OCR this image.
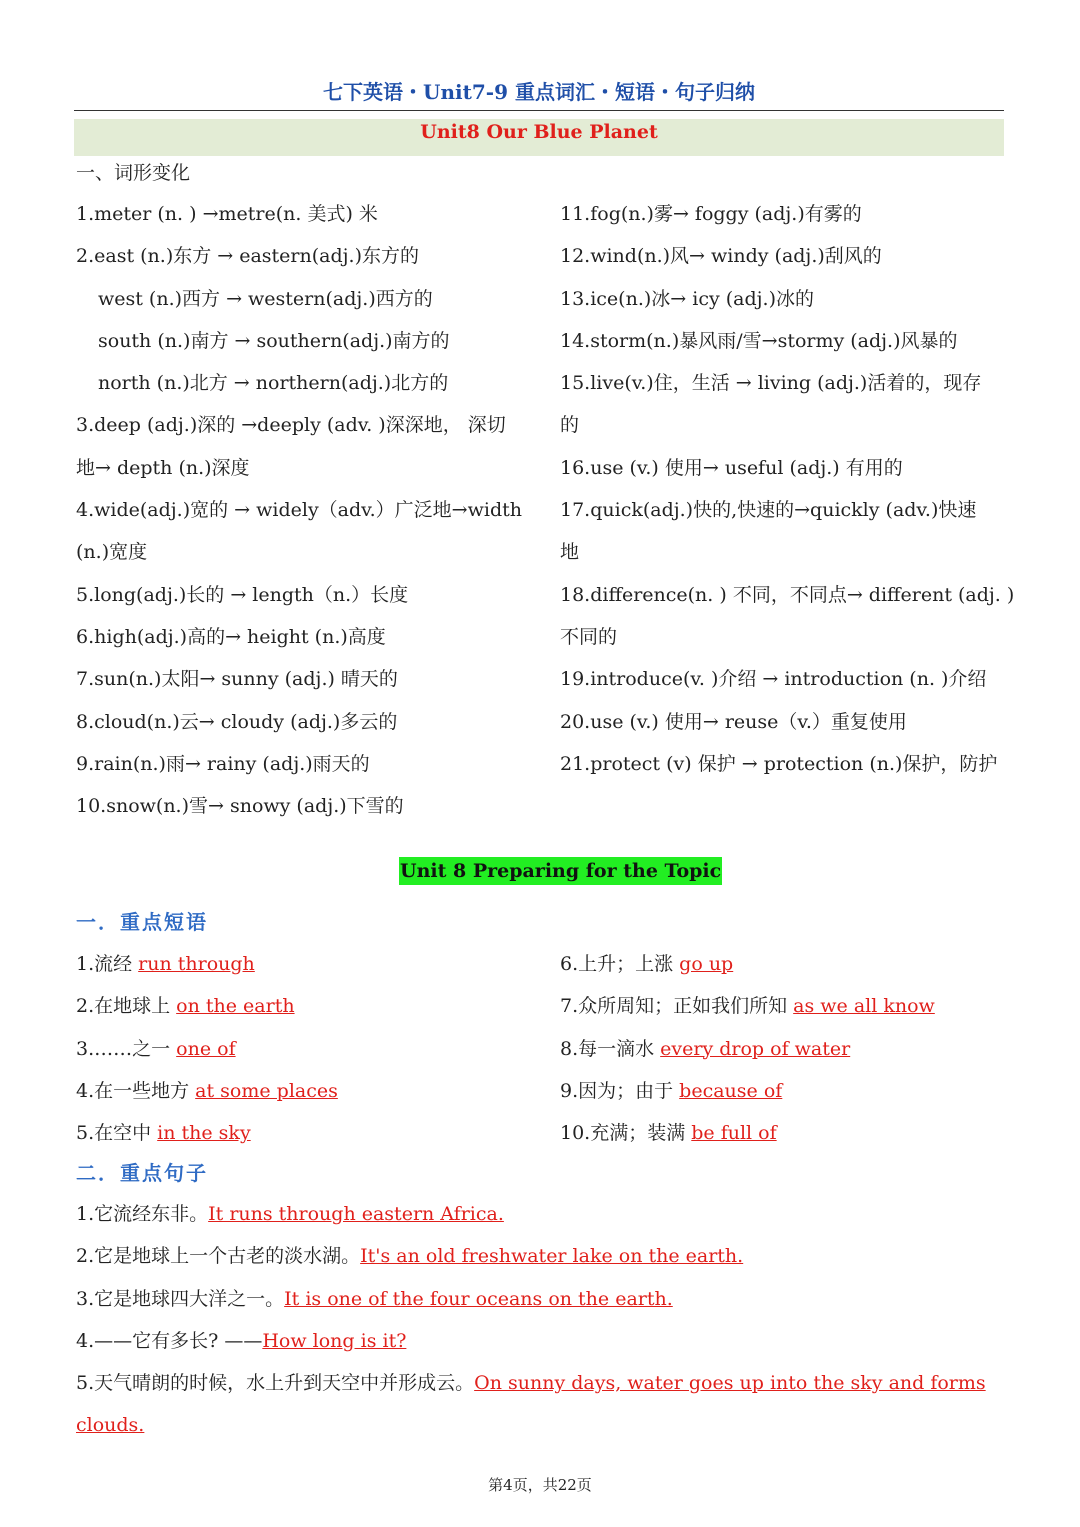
七下英语・Unit7-9 重点词汇・短语・句子归纳
Unit8 Our Blue Planet
一、词形变化
1.meter (n. ) →metre(n. 美式) 米
2.east (n.)东方 → eastern(adj.)东方的
west (n.)西方 → western(adj.)西方的
south (n.)南方 → southern(adj.)南方的
north (n.)北方 → northern(adj.)北方的
3.deep (adj.)深的 →deeply (adv. )深深地， 深切
地→ depth (n.)深度
4.wide(adj.)宽的 → widely（adv.）广泛地→width
(n.)宽度
5.long(adj.)长的 → length（n.）长度
6.high(adj.)高的→ height (n.)高度
7.sun(n.)太阳→ sunny (adj.) 晴天的
8.cloud(n.)云→ cloudy (adj.)多云的
9.rain(n.)雨→ rainy (adj.)雨天的
10.snow(n.)雪→ snowy (adj.)下雪的
11.fog(n.)雾→ foggy (adj.)有雾的
12.wind(n.)风→ windy (adj.)刮风的
13.ice(n.)冰→ icy (adj.)冰的
14.storm(n.)暴风雨/雪→stormy (adj.)风暴的
15.live(v.)住，生活 → living (adj.)活着的，现存
的
16.use (v.) 使用→ useful (adj.) 有用的
17.quick(adj.)快的,快速的→quickly (adv.)快速
地
18.difference(n. ) 不同，不同点→ different (adj. )
不同的
19.introduce(v. )介绍 → introduction (n. )介绍
20.use (v.) 使用→ reuse（v.）重复使用
21.protect (v) 保护 → protection (n.)保护，防护
Unit 8 Preparing for the Topic
一．重点短语
1.流经 run through
2.在地球上 on the earth
3.……之一 one of
4.在一些地方 at some places
5.在空中 in the sky
6.上升；上涨 go up
7.众所周知；正如我们所知 as we all know
8.每一滴水 every drop of water
9.因为；由于 because of
10.充满；装满 be full of
二．重点句子
1.它流经东非。It runs through eastern Africa.
2.它是地球上一个古老的淡水湖。It's an old freshwater lake on the earth.
3.它是地球四大洋之一。It is one of the four oceans on the earth.
4.——它有多长? ——How long is it?
5.天气晴朗的时候，水上升到天空中并形成云。On sunny days, water goes up into the sky and forms
clouds.
第4页，共22页
